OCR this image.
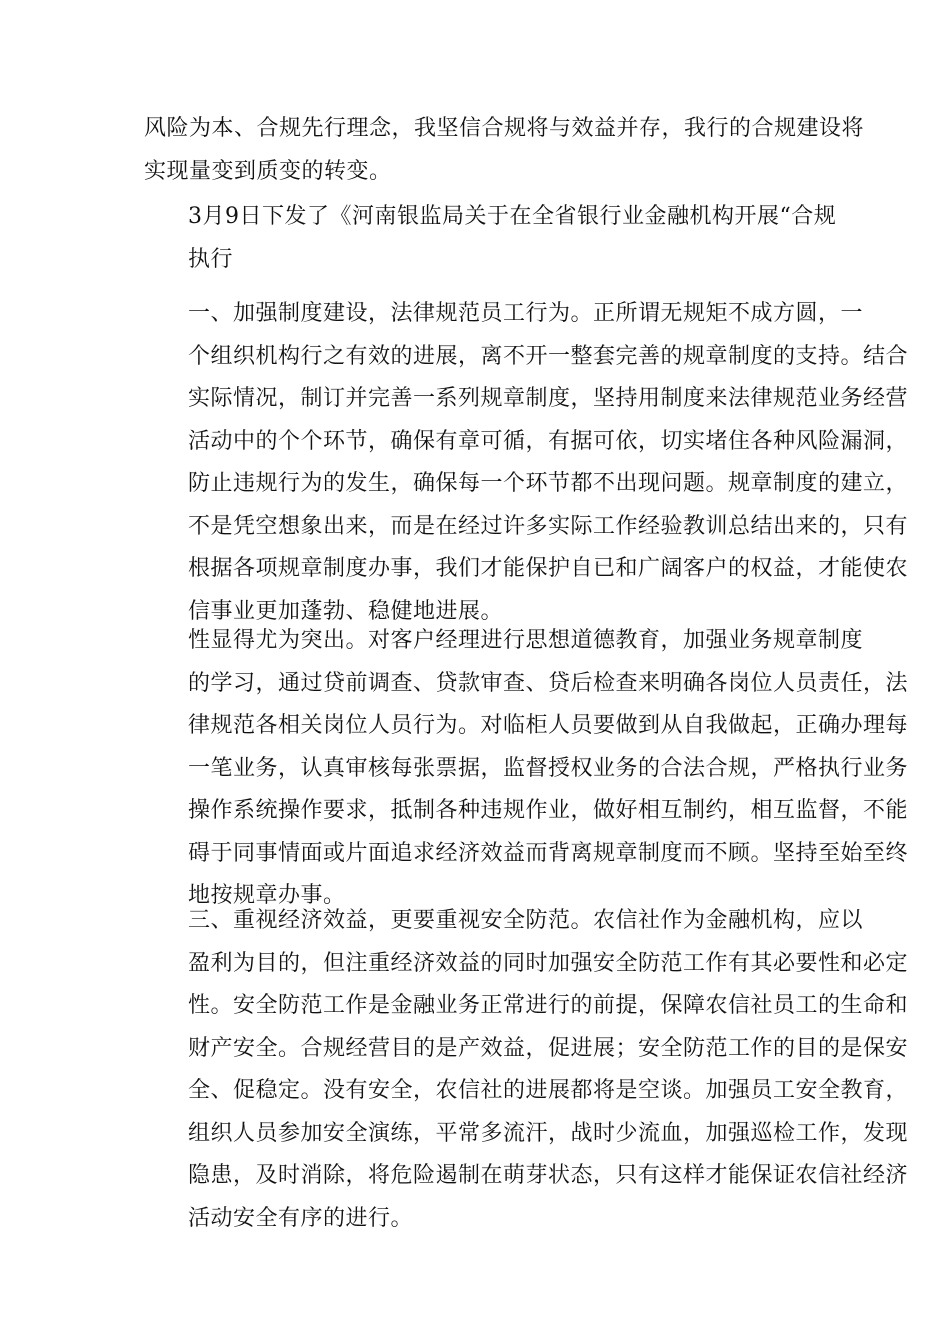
风险为本、合规先行理念，我坚信合规将与效益并存，我行的合规建设将
实现量变到质变的转变。
3月9日下发了《河南银监局关于在全省银行业金融机构开展“合规
执行
一、加强制度建设，法律规范员工行为。正所谓无规矩不成方圆，一
个组织机构行之有效的进展，离不开一整套完善的规章制度的支持。结合
实际情况，制订并完善一系列规章制度，坚持用制度来法律规范业务经营
活动中的个个环节，确保有章可循，有据可依，切实堵住各种风险漏洞，
防止违规行为的发生，确保每一个环节都不出现问题。规章制度的建立，
不是凭空想象出来，而是在经过许多实际工作经验教训总结出来的，只有
根据各项规章制度办事，我们才能保护自已和广阔客户的权益，才能使农
信事业更加蓬勃、稳健地进展。
性显得尤为突出。对客户经理进行思想道德教育，加强业务规章制度
的学习，通过贷前调查、贷款审查、贷后检查来明确各岗位人员责任，法
律规范各相关岗位人员行为。对临柜人员要做到从自我做起，正确办理每
一笔业务，认真审核每张票据，监督授权业务的合法合规，严格执行业务
操作系统操作要求，抵制各种违规作业，做好相互制约，相互监督，不能
碍于同事情面或片面追求经济效益而背离规章制度而不顾。坚持至始至终
地按规章办事。
三、重视经济效益，更要重视安全防范。农信社作为金融机构，应以
盈利为目的，但注重经济效益的同时加强安全防范工作有其必要性和必定
性。安全防范工作是金融业务正常进行的前提，保障农信社员工的生命和
财产安全。合规经营目的是产效益，促进展；安全防范工作的目的是保安
全、促稳定。没有安全，农信社的进展都将是空谈。加强员工安全教育，
组织人员参加安全演练，平常多流汗，战时少流血，加强巡检工作，发现
隐患，及时消除，将危险遏制在萌芽状态，只有这样才能保证农信社经济
活动安全有序的进行。
